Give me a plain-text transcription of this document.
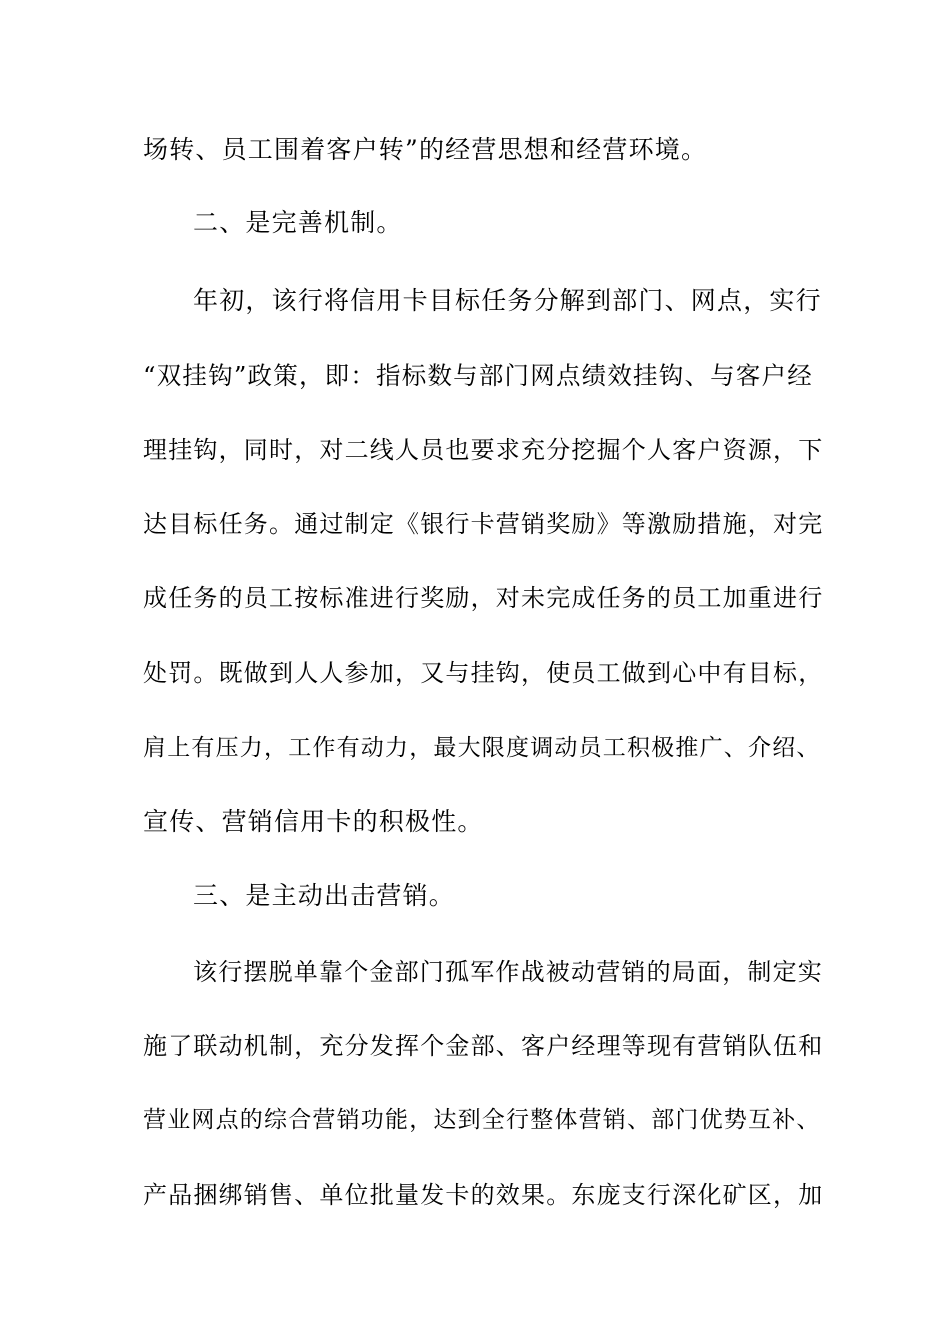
场转、员工围着客户转”的经营思想和经营环境。
二、是完善机制。
年初，该行将信用卡目标任务分解到部门、网点，实行
“双挂钩”政策，即：指标数与部门网点绩效挂钩、与客户经
理挂钩，同时，对二线人员也要求充分挖掘个人客户资源，下
达目标任务。通过制定《银行卡营销奖励》等激励措施，对完
成任务的员工按标准进行奖励，对未完成任务的员工加重进行
处罚。既做到人人参加，又与挂钩，使员工做到心中有目标，
肩上有压力，工作有动力，最大限度调动员工积极推广、介绍、
宣传、营销信用卡的积极性。
三、是主动出击营销。
该行摆脱单靠个金部门孤军作战被动营销的局面，制定实
施了联动机制，充分发挥个金部、客户经理等现有营销队伍和
营业网点的综合营销功能，达到全行整体营销、部门优势互补、
产品捆绑销售、单位批量发卡的效果。东庞支行深化矿区，加
